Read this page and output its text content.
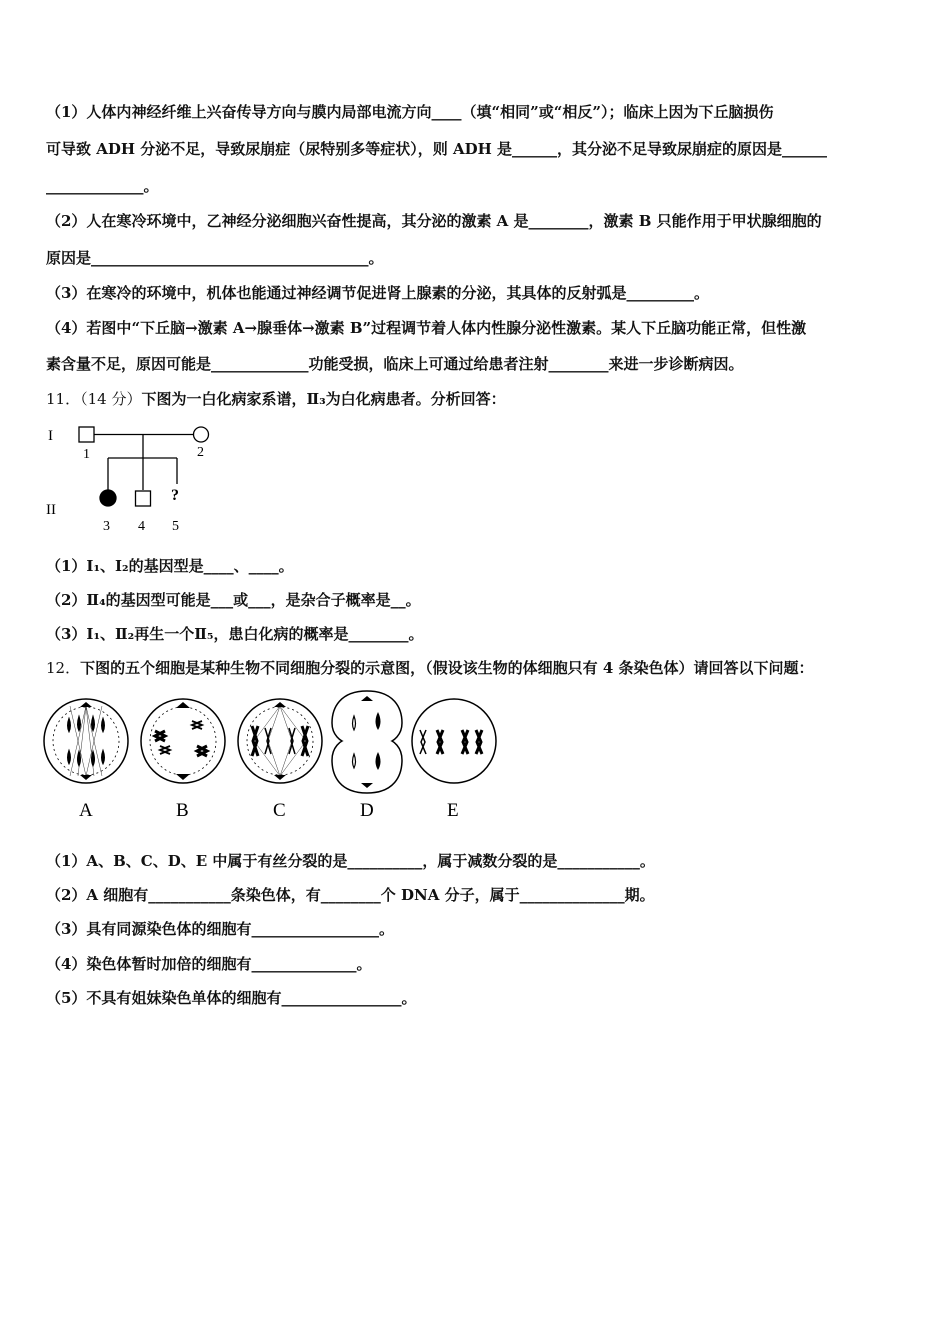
（1）人体内神经纤维上兴奋传导方向与膜内局部电流方向____（填“相同”或“相反”）；临床上因为下丘脑损伤
可导致 ADH 分泌不足，导致尿崩症（尿特别多等症状），则 ADH 是______，其分泌不足导致尿崩症的原因是______
_____________。
（2）人在寒冷环境中，乙神经分泌细胞兴奋性提高，其分泌的激素 A 是________，激素 B 只能作用于甲状腺细胞的
原因是_____________________________________。
（3）在寒冷的环境中，机体也能通过神经调节促进肾上腺素的分泌，其具体的反射弧是_________。
（4）若图中“下丘脑→激素 A→腺垂体→激素 B”过程调节着人体内性腺分泌性激素。某人下丘脑功能正常，但性激
素含量不足，原因可能是_____________功能受损，临床上可通过给患者注射________来进一步诊断病因。
11．（14 分）下图为一白化病家系谱，Ⅱ₃为白化病患者。分析回答：
I
II
1	2
?
3 4 5
（1）Ⅰ₁、Ⅰ₂的基因型是____、____。
（2）Ⅱ₄的基因型可能是___或___，是杂合子概率是__。
（3）Ⅰ₁、Ⅱ₂再生一个Ⅱ₅，患白化病的概率是________。
12．下图的五个细胞是某种生物不同细胞分裂的示意图，（假设该生物的体细胞只有 4 条染色体）请回答以下问题：
A	B	C	D	E
（1）A、B、C、D、E 中属于有丝分裂的是__________，属于减数分裂的是___________。
（2）A 细胞有___________条染色体，有________个 DNA 分子，属于______________期。
（3）具有同源染色体的细胞有_________________。
（4）染色体暂时加倍的细胞有______________。
（5）不具有姐妹染色单体的细胞有________________。
